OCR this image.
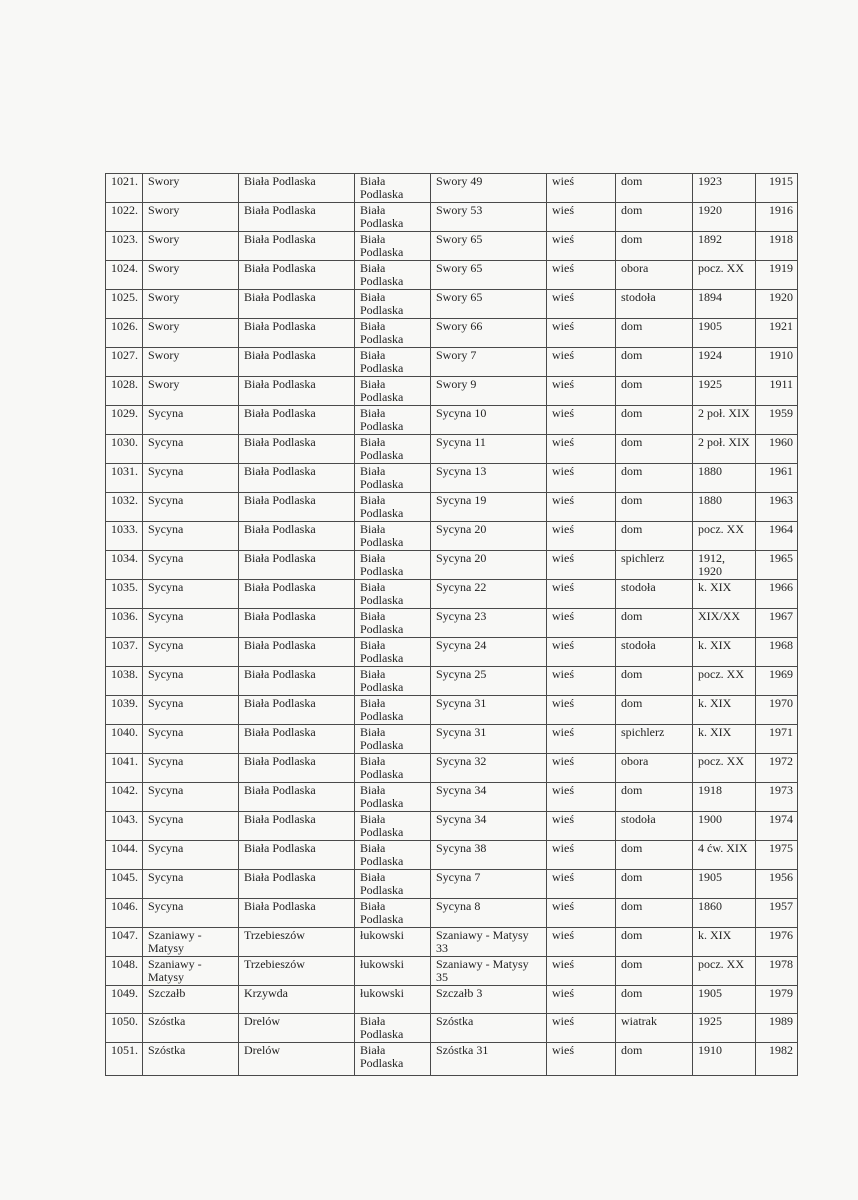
1021.	Swory	Biała Podlaska	Biała Podlaska	Swory 49	wieś	dom	1923	1915
1022.	Swory	Biała Podlaska	Biała Podlaska	Swory 53	wieś	dom	1920	1916
1023.	Swory	Biała Podlaska	Biała Podlaska	Swory 65	wieś	dom	1892	1918
1024.	Swory	Biała Podlaska	Biała Podlaska	Swory 65	wieś	obora	pocz. XX	1919
1025.	Swory	Biała Podlaska	Biała Podlaska	Swory 65	wieś	stodoła	1894	1920
1026.	Swory	Biała Podlaska	Biała Podlaska	Swory 66	wieś	dom	1905	1921
1027.	Swory	Biała Podlaska	Biała Podlaska	Swory 7	wieś	dom	1924	1910
1028.	Swory	Biała Podlaska	Biała Podlaska	Swory 9	wieś	dom	1925	1911
1029.	Sycyna	Biała Podlaska	Biała Podlaska	Sycyna 10	wieś	dom	2 poł. XIX	1959
1030.	Sycyna	Biała Podlaska	Biała Podlaska	Sycyna 11	wieś	dom	2 poł. XIX	1960
1031.	Sycyna	Biała Podlaska	Biała Podlaska	Sycyna 13	wieś	dom	1880	1961
1032.	Sycyna	Biała Podlaska	Biała Podlaska	Sycyna 19	wieś	dom	1880	1963
1033.	Sycyna	Biała Podlaska	Biała Podlaska	Sycyna 20	wieś	dom	pocz. XX	1964
1034.	Sycyna	Biała Podlaska	Biała Podlaska	Sycyna 20	wieś	spichlerz	1912, 1920	1965
1035.	Sycyna	Biała Podlaska	Biała Podlaska	Sycyna 22	wieś	stodoła	k. XIX	1966
1036.	Sycyna	Biała Podlaska	Biała Podlaska	Sycyna 23	wieś	dom	XIX/XX	1967
1037.	Sycyna	Biała Podlaska	Biała Podlaska	Sycyna 24	wieś	stodoła	k. XIX	1968
1038.	Sycyna	Biała Podlaska	Biała Podlaska	Sycyna 25	wieś	dom	pocz. XX	1969
1039.	Sycyna	Biała Podlaska	Biała Podlaska	Sycyna 31	wieś	dom	k. XIX	1970
1040.	Sycyna	Biała Podlaska	Biała Podlaska	Sycyna 31	wieś	spichlerz	k. XIX	1971
1041.	Sycyna	Biała Podlaska	Biała Podlaska	Sycyna 32	wieś	obora	pocz. XX	1972
1042.	Sycyna	Biała Podlaska	Biała Podlaska	Sycyna 34	wieś	dom	1918	1973
1043.	Sycyna	Biała Podlaska	Biała Podlaska	Sycyna 34	wieś	stodoła	1900	1974
1044.	Sycyna	Biała Podlaska	Biała Podlaska	Sycyna 38	wieś	dom	4 ćw. XIX	1975
1045.	Sycyna	Biała Podlaska	Biała Podlaska	Sycyna 7	wieś	dom	1905	1956
1046.	Sycyna	Biała Podlaska	Biała Podlaska	Sycyna 8	wieś	dom	1860	1957
1047.	Szaniawy - Matysy	Trzebieszów	łukowski	Szaniawy - Matysy 33	wieś	dom	k. XIX	1976
1048.	Szaniawy - Matysy	Trzebieszów	łukowski	Szaniawy - Matysy 35	wieś	dom	pocz. XX	1978
1049.	Szczałb	Krzywda	łukowski	Szczałb 3	wieś	dom	1905	1979
1050.	Szóstka	Drelów	Biała Podlaska	Szóstka	wieś	wiatrak	1925	1989
1051.	Szóstka	Drelów	Biała Podlaska	Szóstka 31	wieś	dom	1910	1982
